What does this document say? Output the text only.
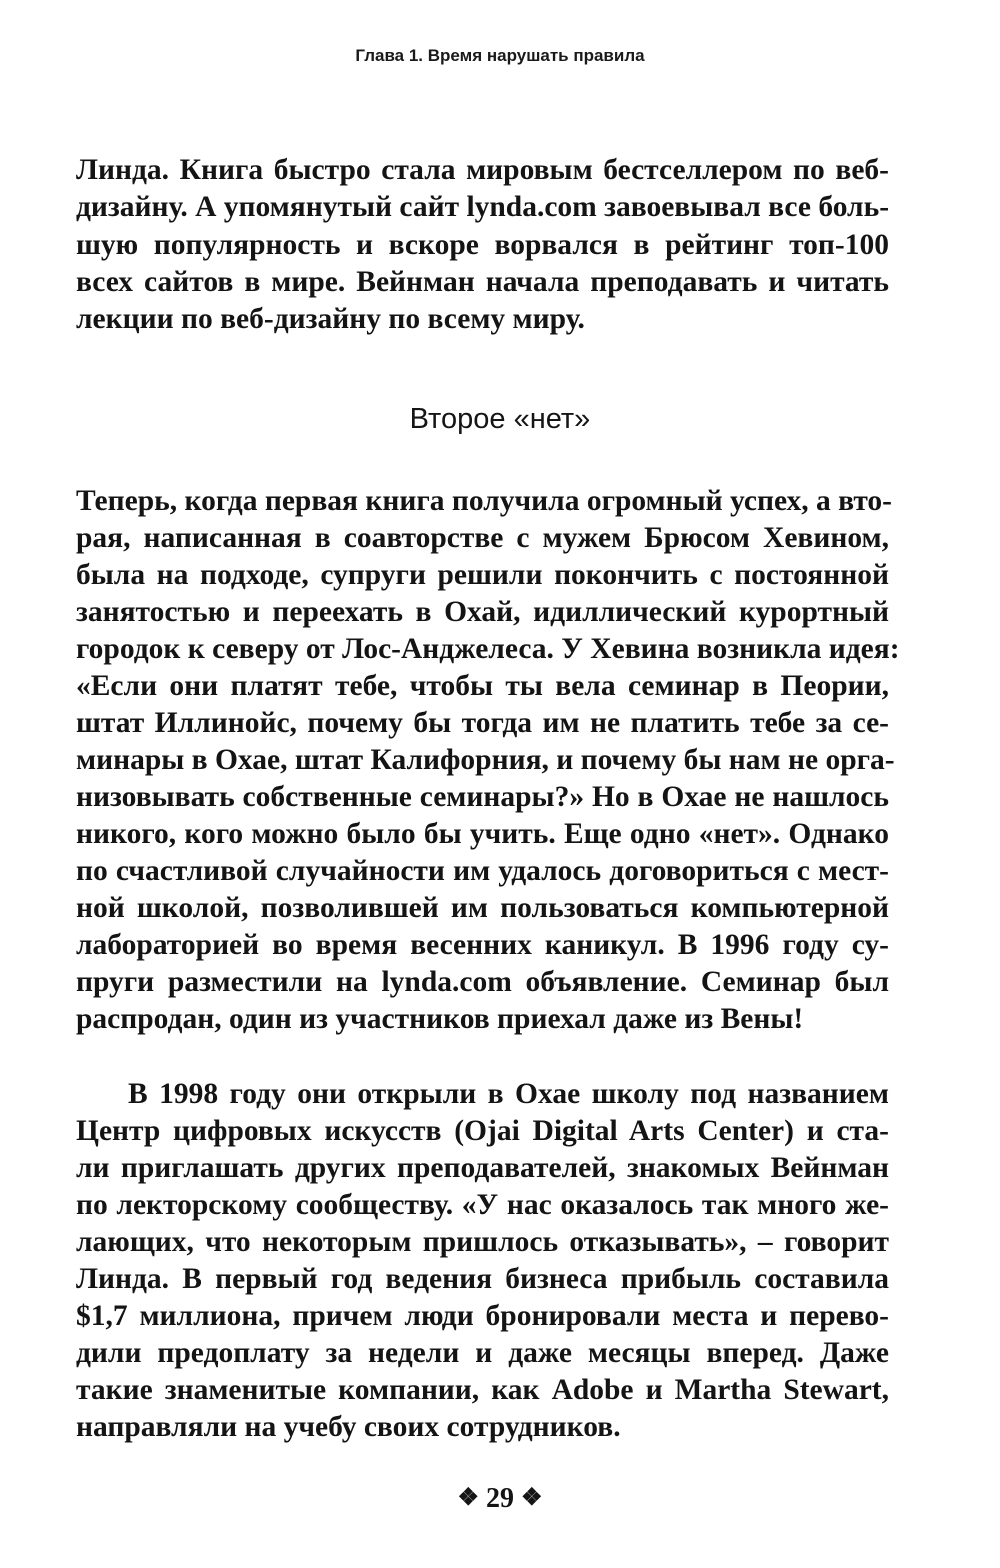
Глава 1. Время нарушать правила
Линда. Книга быстро стала мировым бестселлером по веб-
дизайну. А упомянутый сайт lynda.com завоевывал все боль-
шую популярность и вскоре ворвался в рейтинг топ-100
всех сайтов в мире. Вейнман начала преподавать и читать
лекции по веб-дизайну по всему миру.
Второе «нет»
Теперь, когда первая книга получила огромный успех, а вто-
рая, написанная в соавторстве с мужем Брюсом Хевином,
была на подходе, супруги решили покончить с постоянной
занятостью и переехать в Охай, идиллический курортный
городок к северу от Лос-Анджелеса. У Хевина возникла идея:
«Если они платят тебе, чтобы ты вела семинар в Пеории,
штат Иллинойс, почему бы тогда им не платить тебе за се-
минары в Охае, штат Калифорния, и почему бы нам не орга-
низовывать собственные семинары?» Но в Охае не нашлось
никого, кого можно было бы учить. Еще одно «нет». Однако
по счастливой случайности им удалось договориться с мест-
ной школой, позволившей им пользоваться компьютерной
лабораторией во время весенних каникул. В 1996 году су-
пруги разместили на lynda.com объявление. Семинар был
распродан, один из участников приехал даже из Вены!
В 1998 году они открыли в Охае школу под названием
Центр цифровых искусств (Ojai Digital Arts Center) и ста-
ли приглашать других преподавателей, знакомых Вейнман
по лекторскому сообществу. «У нас оказалось так много же-
лающих, что некоторым пришлось отказывать», – говорит
Линда. В первый год ведения бизнеса прибыль составила
$1,7 миллиона, причем люди бронировали места и перево-
дили предоплату за недели и даже месяцы вперед. Даже
такие знаменитые компании, как Adobe и Martha Stewart,
направляли на учебу своих сотрудников.
❖ 29 ❖
